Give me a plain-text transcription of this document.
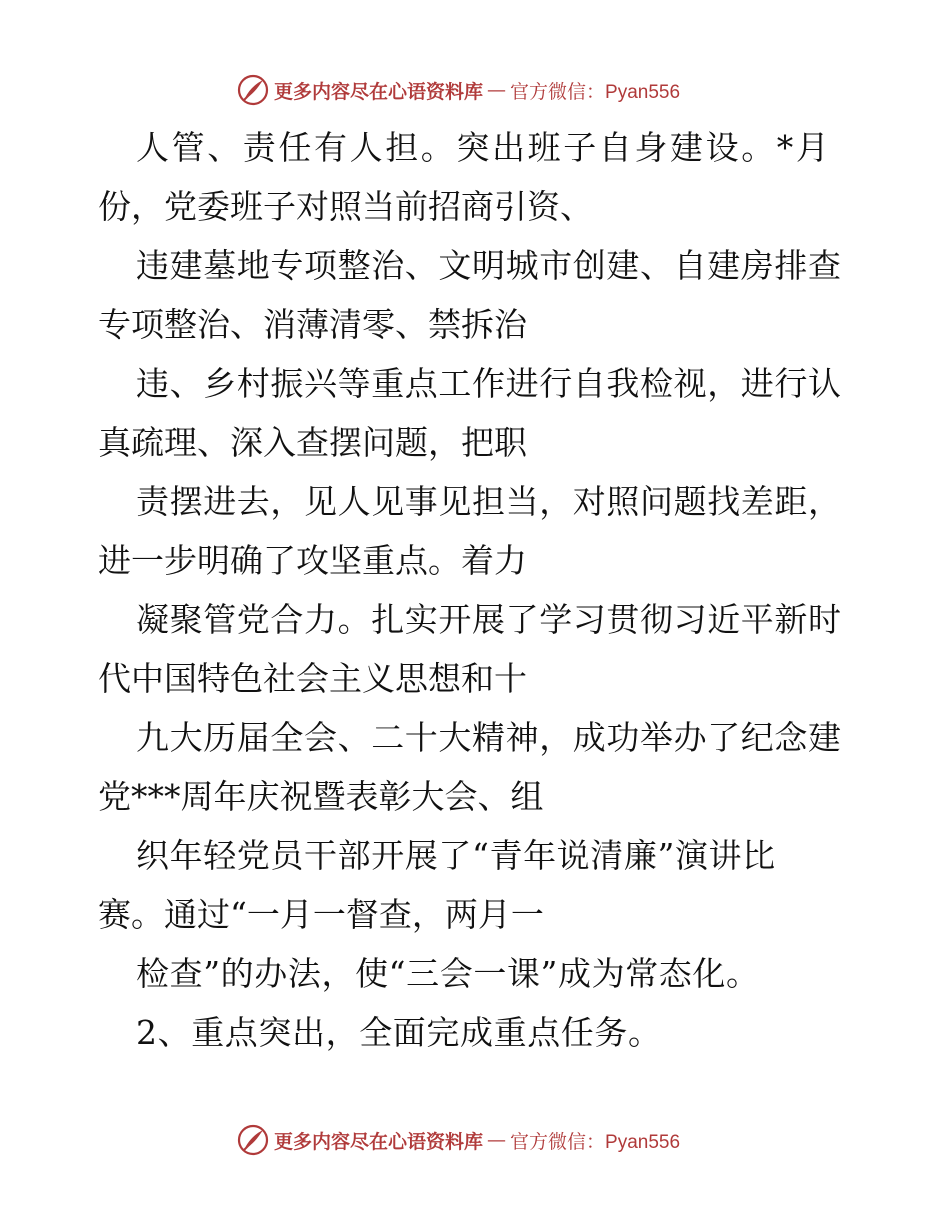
更多内容尽在心语资料库 — 官方微信：Pyan556
人管、责任有人担。突出班子自身建设。*月
份，党委班子对照当前招商引资、
违建墓地专项整治、文明城市创建、自建房排查
专项整治、消薄清零、禁拆治
违、乡村振兴等重点工作进行自我检视，进行认
真疏理、深入查摆问题，把职
责摆进去，见人见事见担当，对照问题找差距，
进一步明确了攻坚重点。着力
凝聚管党合力。扎实开展了学习贯彻习近平新时
代中国特色社会主义思想和十
九大历届全会、二十大精神，成功举办了纪念建
党***周年庆祝暨表彰大会、组
织年轻党员干部开展了“青年说清廉”演讲比
赛。通过“一月一督查，两月一
检查”的办法，使“三会一课”成为常态化。
2、重点突出，全面完成重点任务。
更多内容尽在心语资料库 — 官方微信：Pyan556
